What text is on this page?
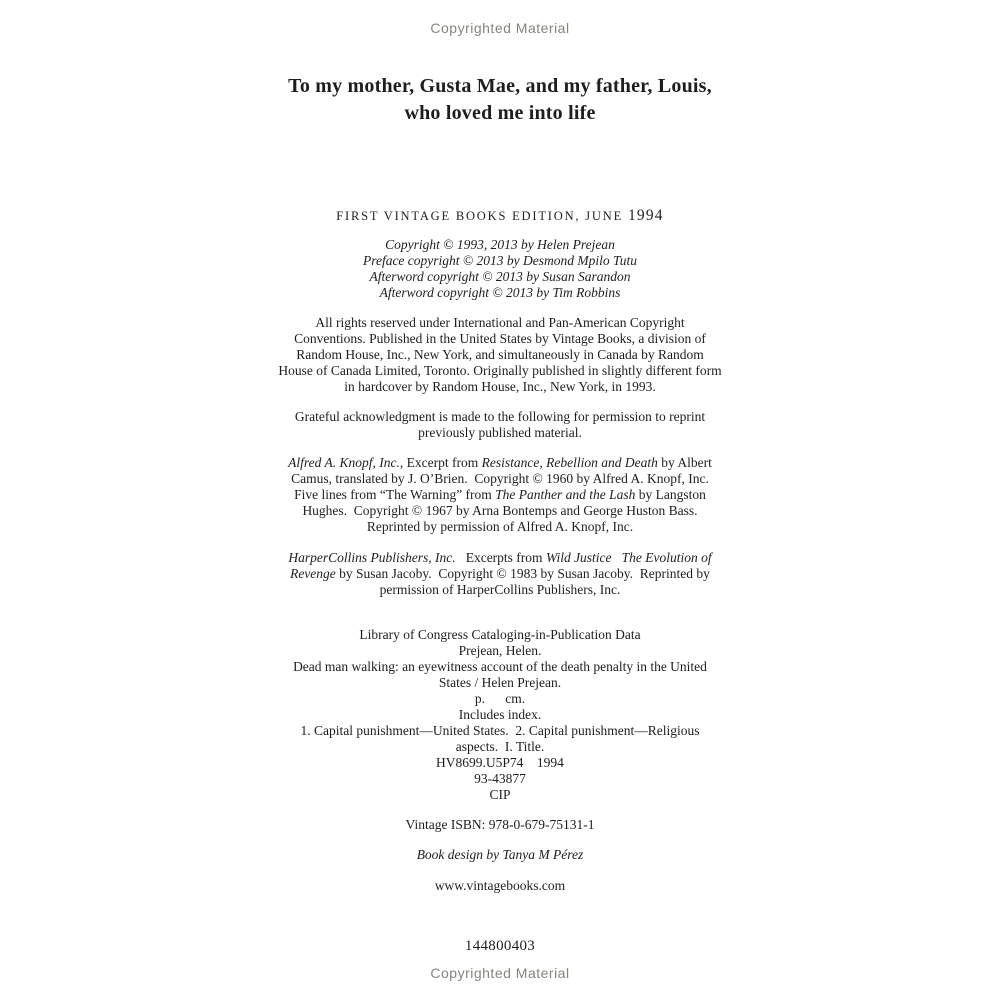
Copyrighted Material
To my mother, Gusta Mae, and my father, Louis,
who loved me into life
FIRST VINTAGE BOOKS EDITION, JUNE 1994
Copyright © 1993, 2013 by Helen Prejean
Preface copyright © 2013 by Desmond Mpilo Tutu
Afterword copyright © 2013 by Susan Sarandon
Afterword copyright © 2013 by Tim Robbins
All rights reserved under International and Pan-American Copyright
Conventions. Published in the United States by Vintage Books, a division of
Random House, Inc., New York, and simultaneously in Canada by Random
House of Canada Limited, Toronto. Originally published in slightly different form
in hardcover by Random House, Inc., New York, in 1993.
Grateful acknowledgment is made to the following for permission to reprint
previously published material.
Alfred A. Knopf, Inc., Excerpt from Resistance, Rebellion and Death by Albert
Camus, translated by J. O’Brien.  Copyright © 1960 by Alfred A. Knopf, Inc.
Five lines from “The Warning” from The Panther and the Lash by Langston
Hughes.  Copyright © 1967 by Arna Bontemps and George Huston Bass.
Reprinted by permission of Alfred A. Knopf, Inc.
HarperCollins Publishers, Inc.   Excerpts from Wild Justice   The Evolution of
Revenge by Susan Jacoby.  Copyright © 1983 by Susan Jacoby.  Reprinted by
permission of HarperCollins Publishers, Inc.
Library of Congress Cataloging-in-Publication Data
Prejean, Helen.
Dead man walking: an eyewitness account of the death penalty in the United
States / Helen Prejean.
p.      cm.
Includes index.
1. Capital punishment—United States.  2. Capital punishment—Religious
aspects.  I. Title.
HV8699.U5P74    1994
93-43877
CIP
Vintage ISBN: 978-0-679-75131-1
Book design by Tanya M Pérez
www.vintagebooks.com
144800403
Copyrighted Material
